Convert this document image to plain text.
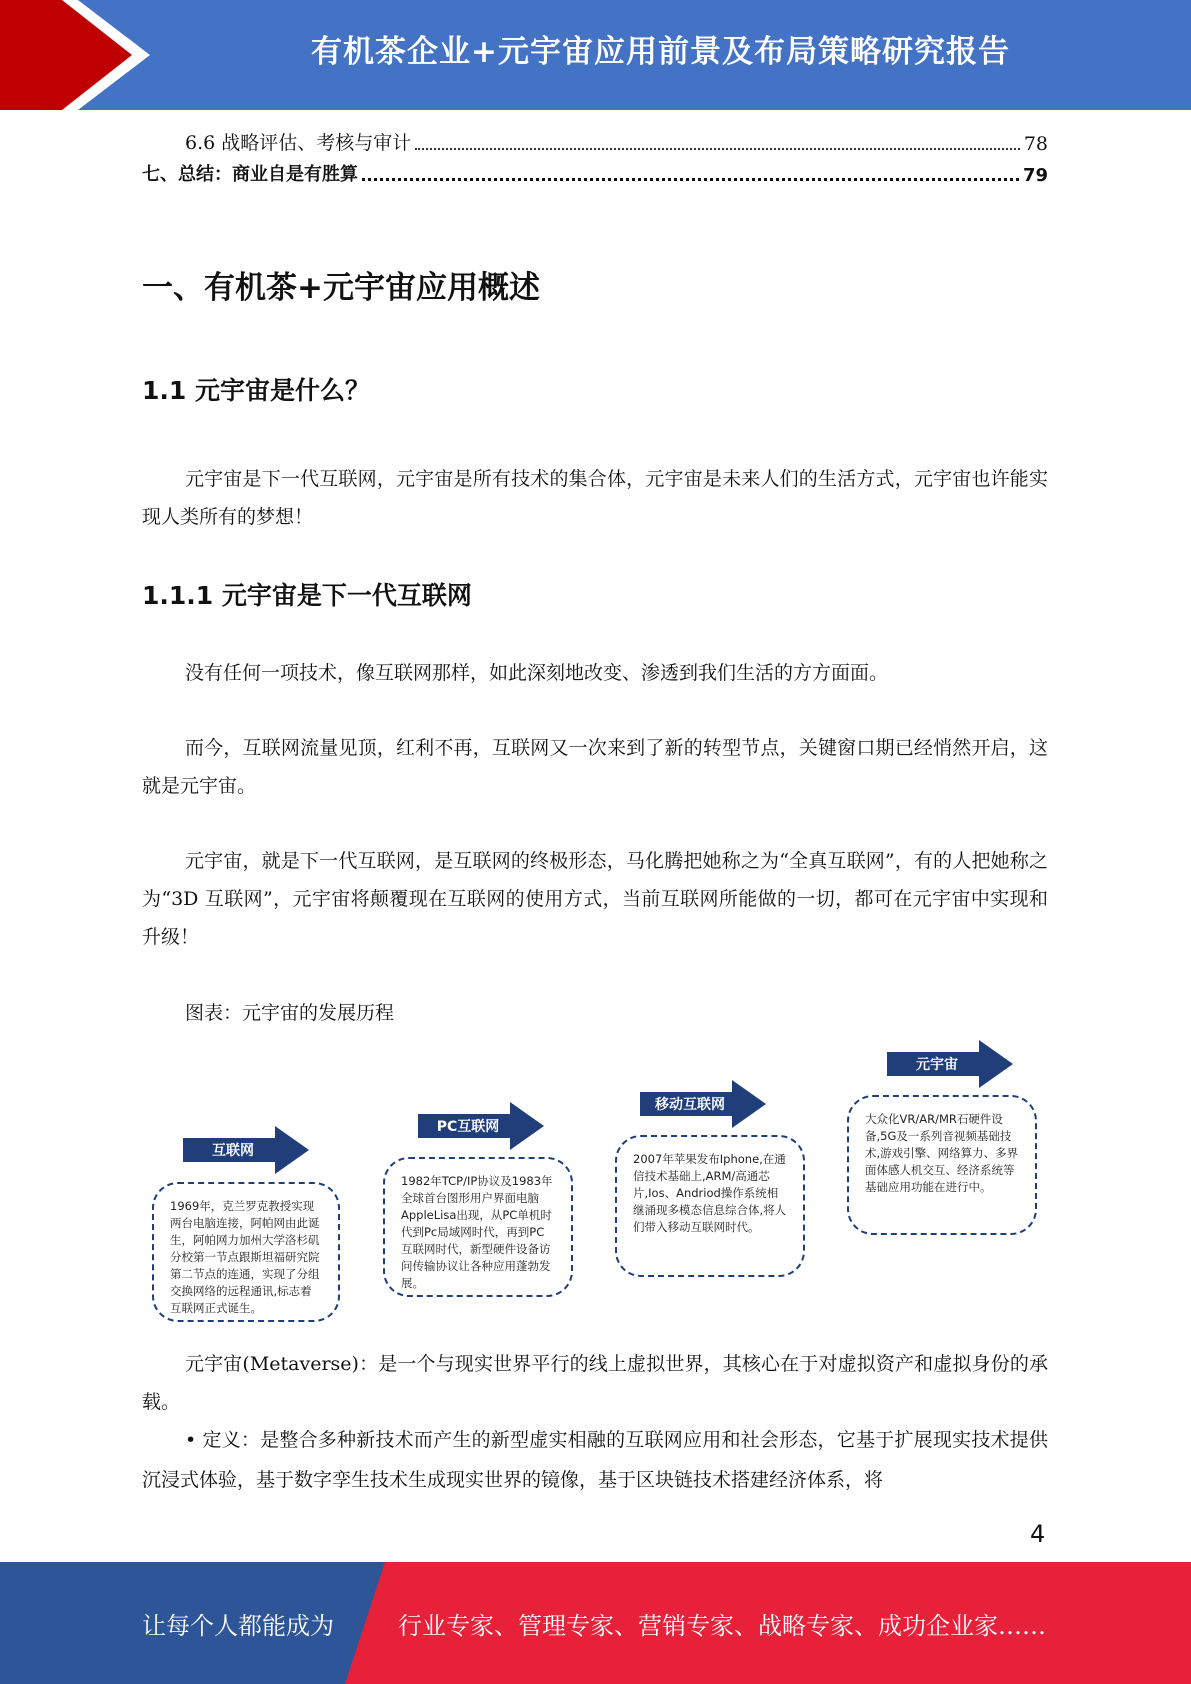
有机茶企业+元宇宙应用前景及布局策略研究报告
6.6 战略评估、考核与审计	78
七、总结：商业自是有胜算	79
一、有机茶+元宇宙应用概述
1.1 元宇宙是什么？

元宇宙是下一代互联网，元宇宙是所有技术的集合体，元宇宙是未来人们的生活方式，元宇宙也许能实现人类所有的梦想！

1.1.1 元宇宙是下一代互联网

没有任何一项技术，像互联网那样，如此深刻地改变、渗透到我们生活的方方面面。

而今，互联网流量见顶，红利不再，互联网又一次来到了新的转型节点，关键窗口期已经悄然开启，这就是元宇宙。

元宇宙，就是下一代互联网，是互联网的终极形态，马化腾把她称之为“全真互联网”，有的人把她称之为“3D 互联网”，元宇宙将颠覆现在互联网的使用方式，当前互联网所能做的一切，都可在元宇宙中实现和升级！

图表：元宇宙的发展历程
互联网
1969年，克兰罗克教授实现两台电脑连接，阿帕网由此诞生，阿帕网力加州大学洛杉矶分校第一节点跟斯坦福研究院第二节点的连通，实现了分组交换网络的远程通讯,标志着互联网正式诞生。
PC互联网
1982年TCP/IP协议及1983年全球首台图形用户界面电脑AppleLisa出现，从PC单机时代到Pc局域网时代，再到PC互联网时代，新型硬件设备访问传输协议让各种应用蓬勃发展。
移动互联网
2007年苹果发布Iphone,在通信技术基础上,ARM/高通芯片,Ios、Andriod操作系统相继涌现多模态信息综合体,将人们带入移动互联网时代。
元宇宙
大众化VR/AR/MR石硬件设备,5G及一系列音视频基础技术,游戏引擎、网络算力、多界面体感人机交互、经济系统等基础应用功能在进行中。

元宇宙(Metaverse)：是一个与现实世界平行的线上虚拟世界，其核心在于对虚拟资产和虚拟身份的承载。

• 定义：是整合多种新技术而产生的新型虚实相融的互联网应用和社会形态，它基于扩展现实技术提供沉浸式体验，基于数字孪生技术生成现实世界的镜像，基于区块链技术搭建经济体系，将

4
让每个人都能成为	行业专家、管理专家、营销专家、战略专家、成功企业家……
